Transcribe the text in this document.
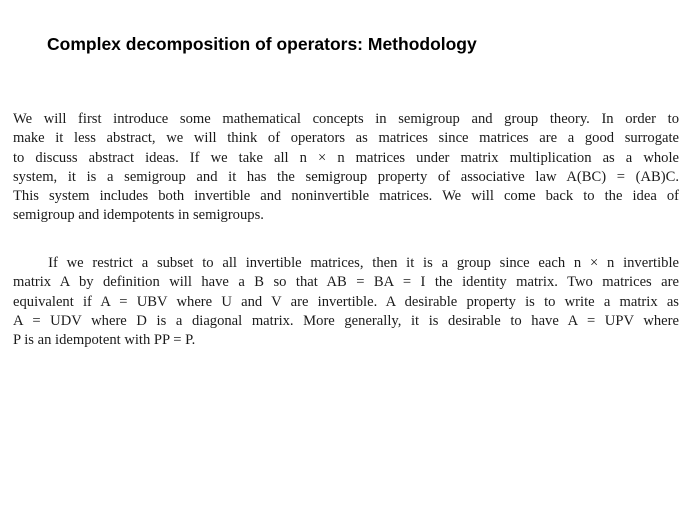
Complex decomposition of operators: Methodology

We will first introduce some mathematical concepts in semigroup and group theory. In order to
make it less abstract, we will think of operators as matrices since matrices are a good surrogate
to discuss abstract ideas. If we take all n × n matrices under matrix multiplication as a whole
system, it is a semigroup and it has the semigroup property of associative law A(BC) = (AB)C.
This system includes both invertible and noninvertible matrices. We will come back to the idea of
semigroup and idempotents in semigroups.

If we restrict a subset to all invertible matrices, then it is a group since each n × n invertible
matrix A by definition will have a B so that AB = BA = I the identity matrix. Two matrices are
equivalent if A = UBV where U and V are invertible. A desirable property is to write a matrix as
A = UDV where D is a diagonal matrix. More generally, it is desirable to have A = UPV where
P is an idempotent with PP = P.
